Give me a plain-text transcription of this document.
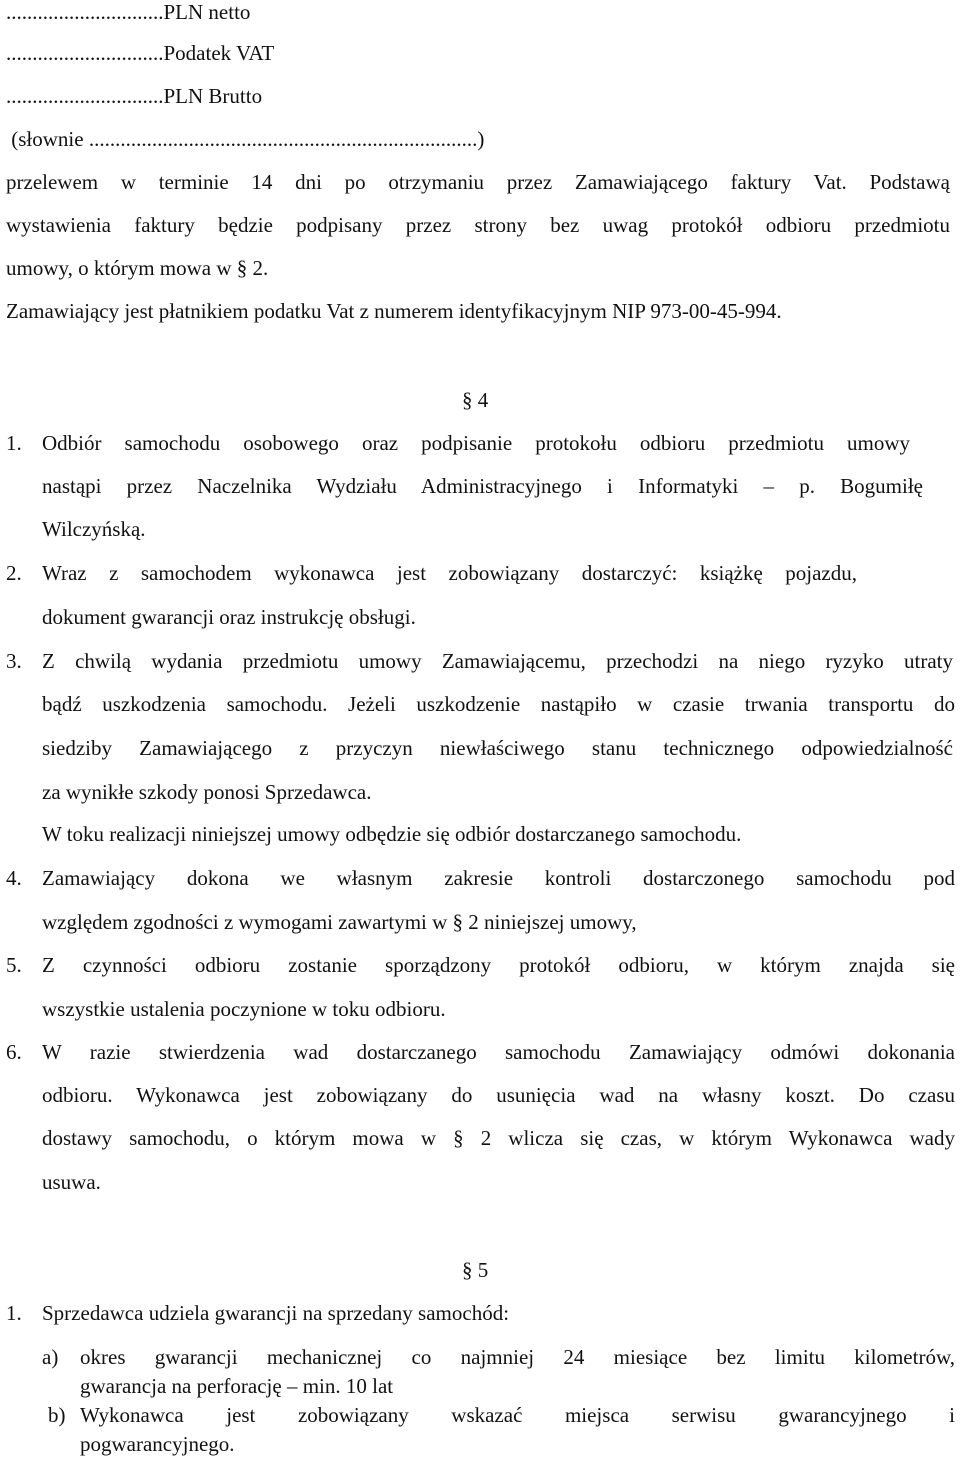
..............................PLN netto
..............................Podatek VAT
..............................PLN Brutto
(słownie ..........................................................................)
przelewem w terminie 14 dni po otrzymaniu przez Zamawiającego faktury Vat. Podstawą
wystawienia faktury będzie podpisany przez strony bez uwag protokół odbioru przedmiotu
umowy, o którym mowa w § 2.
Zamawiający jest płatnikiem podatku Vat z numerem identyfikacyjnym NIP 973-00-45-994.
§ 4
1. Odbiór samochodu osobowego oraz podpisanie protokołu odbioru przedmiotu umowy
nastąpi przez Naczelnika Wydziału Administracyjnego i Informatyki – p. Bogumiłę
Wilczyńską.
2. Wraz z samochodem wykonawca jest zobowiązany dostarczyć: książkę pojazdu,
dokument gwarancji oraz instrukcję obsługi.
3. Z chwilą wydania przedmiotu umowy Zamawiającemu, przechodzi na niego ryzyko utraty
bądź uszkodzenia samochodu. Jeżeli uszkodzenie nastąpiło w czasie trwania transportu do
siedziby Zamawiającego z przyczyn niewłaściwego stanu technicznego odpowiedzialność
za wynikłe szkody ponosi Sprzedawca.
W toku realizacji niniejszej umowy odbędzie się odbiór dostarczanego samochodu.
4. Zamawiający dokona we własnym zakresie kontroli dostarczonego samochodu pod
względem zgodności z wymogami zawartymi w § 2 niniejszej umowy,
5. Z czynności odbioru zostanie sporządzony protokół odbioru, w którym znajda się
wszystkie ustalenia poczynione w toku odbioru.
6. W razie stwierdzenia wad dostarczanego samochodu Zamawiający odmówi dokonania
odbioru. Wykonawca jest zobowiązany do usunięcia wad na własny koszt. Do czasu
dostawy samochodu, o którym mowa w § 2 wlicza się czas, w którym Wykonawca wady
usuwa.
§ 5
1. Sprzedawca udziela gwarancji na sprzedany samochód:
a) okres gwarancji mechanicznej co najmniej 24 miesiące bez limitu kilometrów,
gwarancja na perforację – min. 10 lat
b) Wykonawca jest zobowiązany wskazać miejsca serwisu gwarancyjnego i
pogwarancyjnego.
